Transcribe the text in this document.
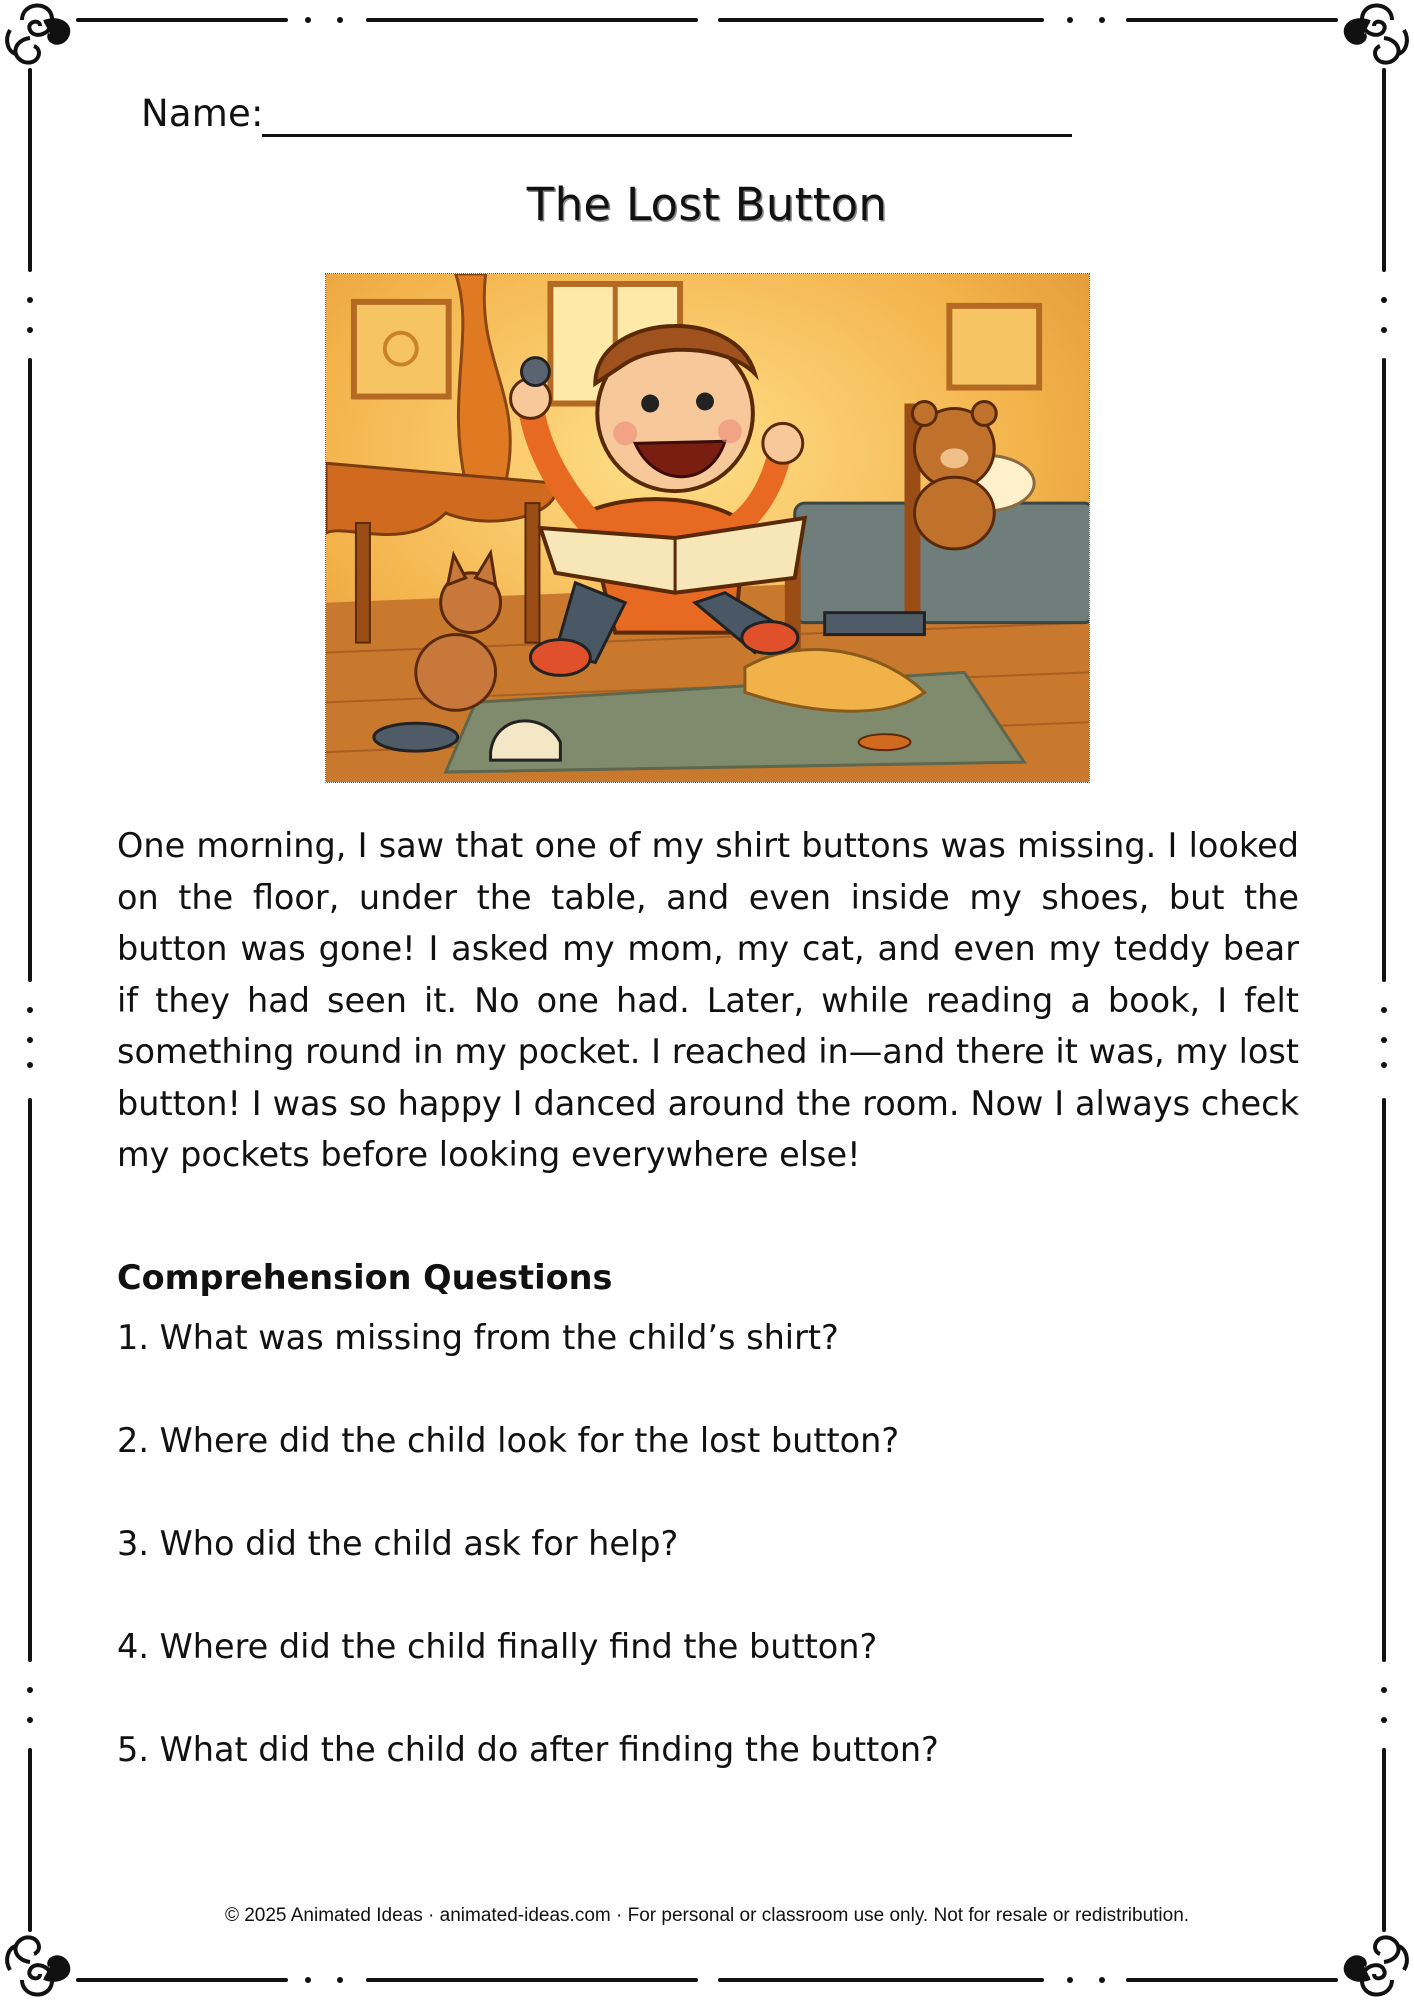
Name:
The Lost Button
One morning, I saw that one of my shirt buttons was missing. I looked on the floor, under the table, and even inside my shoes, but the button was gone! I asked my mom, my cat, and even my teddy bear if they had seen it. No one had. Later, while reading a book, I felt something round in my pocket. I reached in—and there it was, my lost button! I was so happy I danced around the room. Now I always check my pockets before looking everywhere else!
Comprehension Questions
1. What was missing from the child’s shirt?
2. Where did the child look for the lost button?
3. Who did the child ask for help?
4. Where did the child finally find the button?
5. What did the child do after finding the button?
© 2025 Animated Ideas · animated-ideas.com · For personal or classroom use only. Not for resale or redistribution.
